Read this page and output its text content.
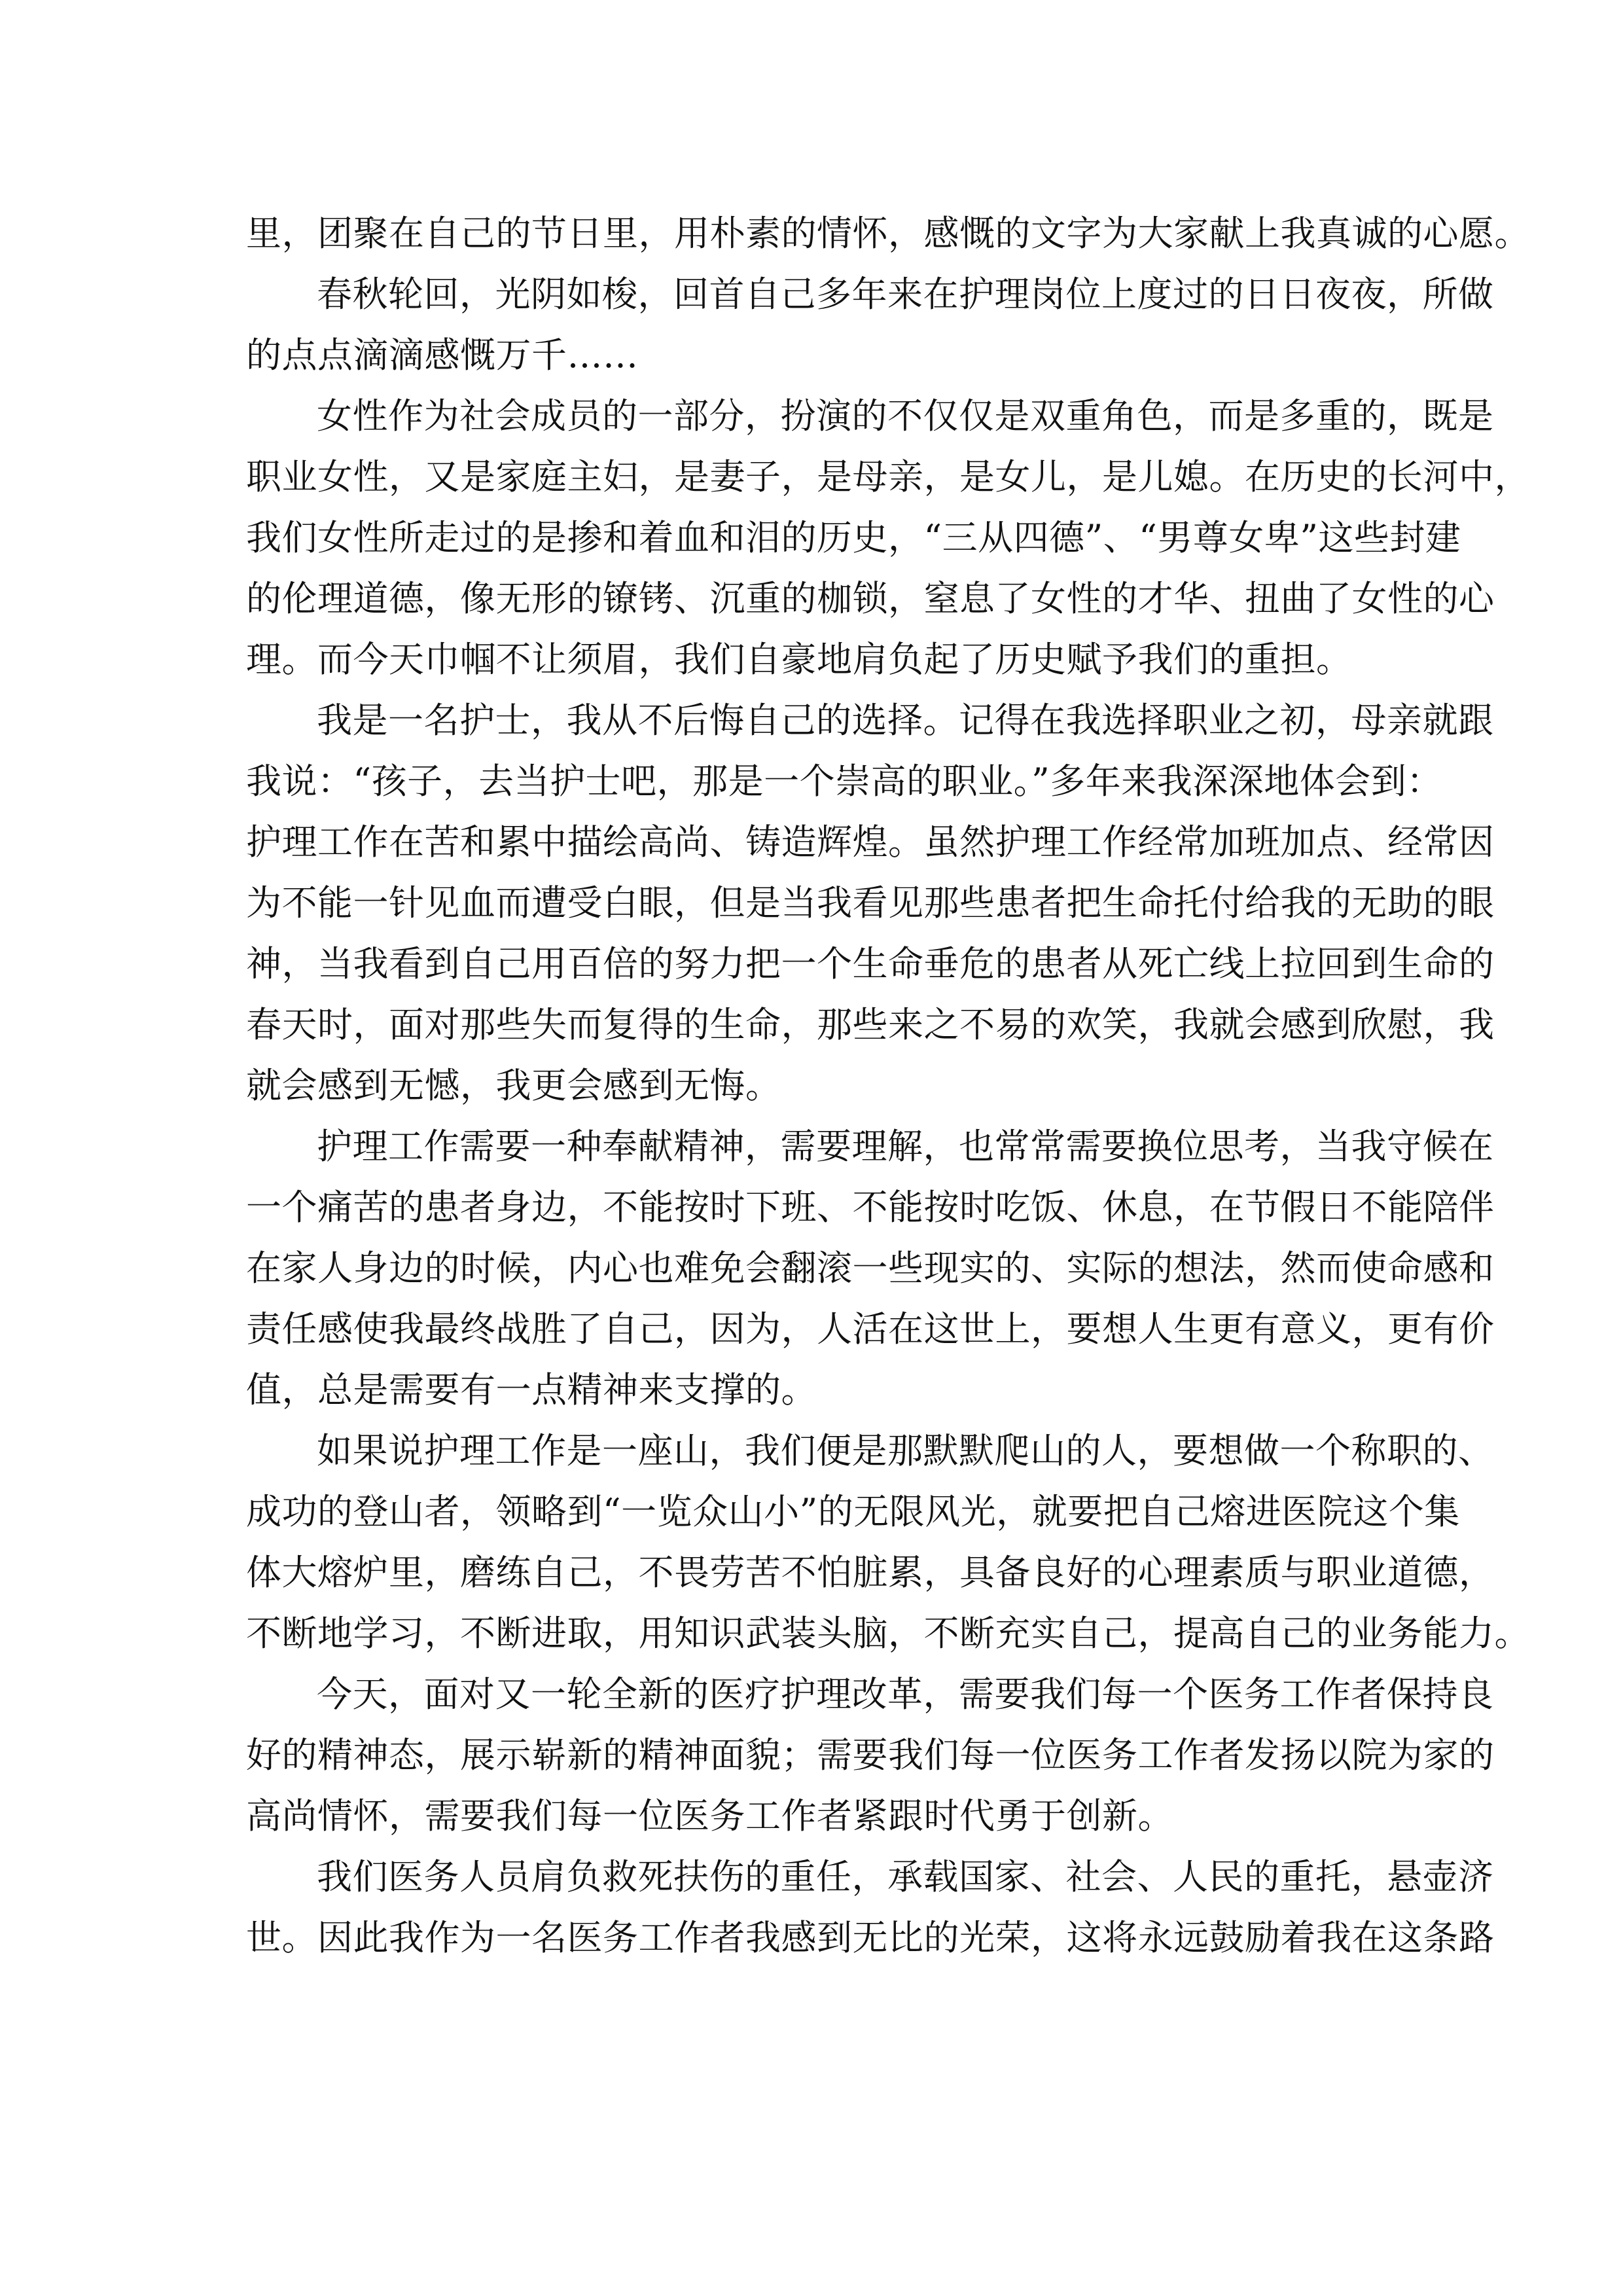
里，团聚在自己的节日里，用朴素的情怀，感慨的文字为大家献上我真诚的心愿。
春秋轮回，光阴如梭，回首自己多年来在护理岗位上度过的日日夜夜，所做
的点点滴滴感慨万千……
女性作为社会成员的一部分，扮演的不仅仅是双重角色，而是多重的，既是
职业女性，又是家庭主妇，是妻子，是母亲，是女儿，是儿媳。在历史的长河中，
我们女性所走过的是掺和着血和泪的历史，“三从四德”、“男尊女卑”这些封建
的伦理道德，像无形的镣铐、沉重的枷锁，窒息了女性的才华、扭曲了女性的心
理。而今天巾帼不让须眉，我们自豪地肩负起了历史赋予我们的重担。
我是一名护士，我从不后悔自己的选择。记得在我选择职业之初，母亲就跟
我说：“孩子，去当护士吧，那是一个崇高的职业。”多年来我深深地体会到：
护理工作在苦和累中描绘高尚、铸造辉煌。虽然护理工作经常加班加点、经常因
为不能一针见血而遭受白眼，但是当我看见那些患者把生命托付给我的无助的眼
神，当我看到自己用百倍的努力把一个生命垂危的患者从死亡线上拉回到生命的
春天时，面对那些失而复得的生命，那些来之不易的欢笑，我就会感到欣慰，我
就会感到无憾，我更会感到无悔。
护理工作需要一种奉献精神，需要理解，也常常需要换位思考，当我守候在
一个痛苦的患者身边，不能按时下班、不能按时吃饭、休息，在节假日不能陪伴
在家人身边的时候，内心也难免会翻滚一些现实的、实际的想法，然而使命感和
责任感使我最终战胜了自己，因为，人活在这世上，要想人生更有意义，更有价
值，总是需要有一点精神来支撑的。
如果说护理工作是一座山，我们便是那默默爬山的人，要想做一个称职的、
成功的登山者，领略到“一览众山小”的无限风光，就要把自己熔进医院这个集
体大熔炉里，磨练自己，不畏劳苦不怕脏累，具备良好的心理素质与职业道德，
不断地学习，不断进取，用知识武装头脑，不断充实自己，提高自己的业务能力。
今天，面对又一轮全新的医疗护理改革，需要我们每一个医务工作者保持良
好的精神态，展示崭新的精神面貌；需要我们每一位医务工作者发扬以院为家的
高尚情怀，需要我们每一位医务工作者紧跟时代勇于创新。
我们医务人员肩负救死扶伤的重任，承载国家、社会、人民的重托，悬壶济
世。因此我作为一名医务工作者我感到无比的光荣，这将永远鼓励着我在这条路
